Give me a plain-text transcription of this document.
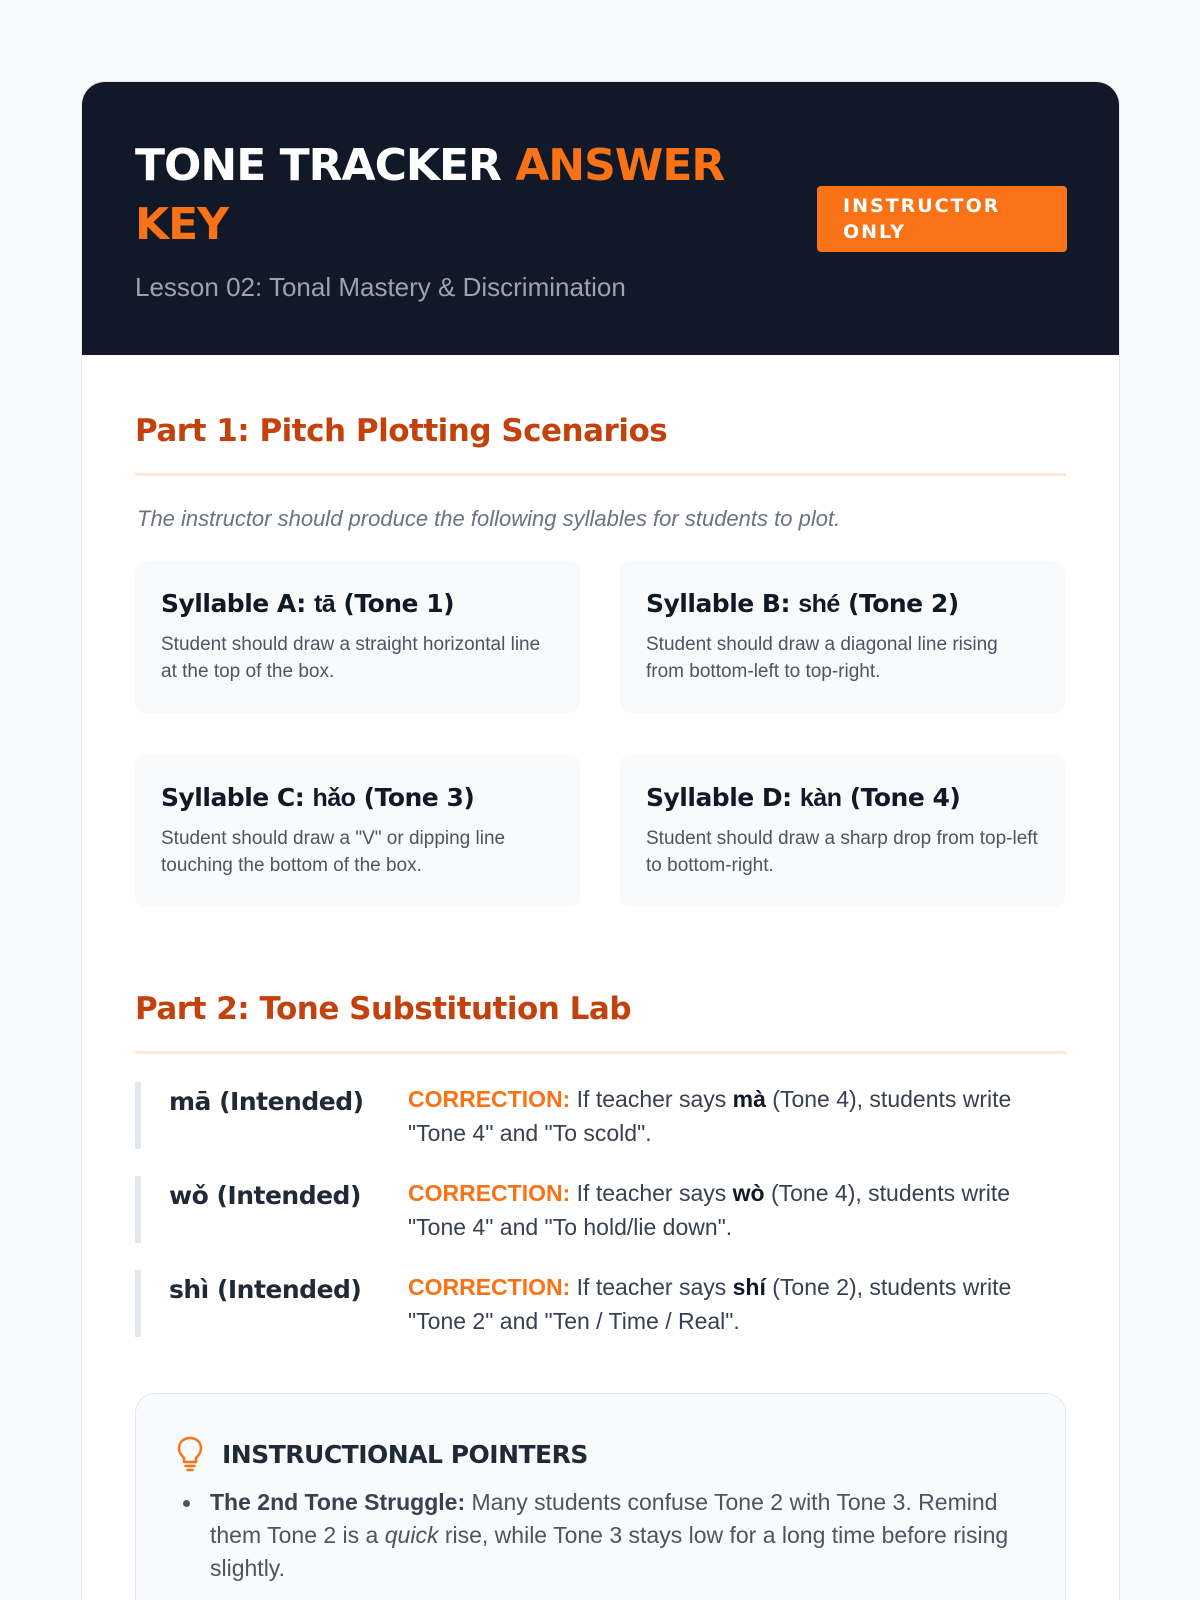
TONE TRACKER ANSWER KEY
Lesson 02: Tonal Mastery & Discrimination
INSTRUCTOR
ONLY
Part 1: Pitch Plotting Scenarios

The instructor should produce the following syllables for students to plot.

Syllable A: tā (Tone 1)
Student should draw a straight horizontal line at the top of the box.
Syllable B: shé (Tone 2)
Student should draw a diagonal line rising from bottom-left to top-right.
Syllable C: hǎo (Tone 3)
Student should draw a "V" or dipping line touching the bottom of the box.
Syllable D: kàn (Tone 4)
Student should draw a sharp drop from top-left to bottom-right.
Part 2: Tone Substitution Lab
mā (Intended) CORRECTION: If teacher says mà (Tone 4), students write "Tone 4" and "To scold".
wǒ (Intended) CORRECTION: If teacher says wò (Tone 4), students write "Tone 4" and "To hold/lie down".
shì (Intended) CORRECTION: If teacher says shí (Tone 2), students write "Tone 2" and "Ten / Time / Real".
INSTRUCTIONAL POINTERS
The 2nd Tone Struggle: Many students confuse Tone 2 with Tone 3. Remind them Tone 2 is a quick rise, while Tone 3 stays low for a long time before rising slightly.
